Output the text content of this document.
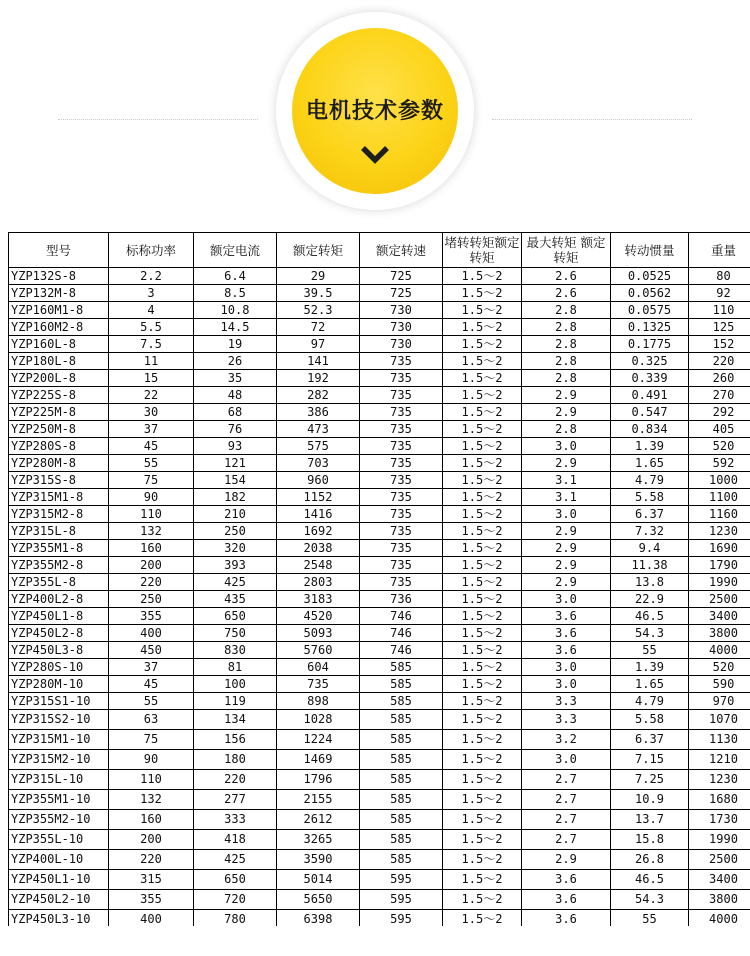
电机技术参数
型号	标称功率	额定电流	额定转矩	额定转速	堵转转矩额定转矩	最大转矩 额定转矩	转动惯量	重量
YZP132S-8	2.2	6.4	29	725	1.5～2	2.6	0.0525	80
YZP132M-8	3	8.5	39.5	725	1.5～2	2.6	0.0562	92
YZP160M1-8	4	10.8	52.3	730	1.5～2	2.8	0.0575	110
YZP160M2-8	5.5	14.5	72	730	1.5～2	2.8	0.1325	125
YZP160L-8	7.5	19	97	730	1.5～2	2.8	0.1775	152
YZP180L-8	11	26	141	735	1.5～2	2.8	0.325	220
YZP200L-8	15	35	192	735	1.5～2	2.8	0.339	260
YZP225S-8	22	48	282	735	1.5～2	2.9	0.491	270
YZP225M-8	30	68	386	735	1.5～2	2.9	0.547	292
YZP250M-8	37	76	473	735	1.5～2	2.8	0.834	405
YZP280S-8	45	93	575	735	1.5～2	3.0	1.39	520
YZP280M-8	55	121	703	735	1.5～2	2.9	1.65	592
YZP315S-8	75	154	960	735	1.5～2	3.1	4.79	1000
YZP315M1-8	90	182	1152	735	1.5～2	3.1	5.58	1100
YZP315M2-8	110	210	1416	735	1.5～2	3.0	6.37	1160
YZP315L-8	132	250	1692	735	1.5～2	2.9	7.32	1230
YZP355M1-8	160	320	2038	735	1.5～2	2.9	9.4	1690
YZP355M2-8	200	393	2548	735	1.5～2	2.9	11.38	1790
YZP355L-8	220	425	2803	735	1.5～2	2.9	13.8	1990
YZP400L2-8	250	435	3183	736	1.5～2	3.0	22.9	2500
YZP450L1-8	355	650	4520	746	1.5～2	3.6	46.5	3400
YZP450L2-8	400	750	5093	746	1.5～2	3.6	54.3	3800
YZP450L3-8	450	830	5760	746	1.5～2	3.6	55	4000
YZP280S-10	37	81	604	585	1.5～2	3.0	1.39	520
YZP280M-10	45	100	735	585	1.5～2	3.0	1.65	590
YZP315S1-10	55	119	898	585	1.5～2	3.3	4.79	970
YZP315S2-10	63	134	1028	585	1.5～2	3.3	5.58	1070
YZP315M1-10	75	156	1224	585	1.5～2	3.2	6.37	1130
YZP315M2-10	90	180	1469	585	1.5～2	3.0	7.15	1210
YZP315L-10	110	220	1796	585	1.5～2	2.7	7.25	1230
YZP355M1-10	132	277	2155	585	1.5～2	2.7	10.9	1680
YZP355M2-10	160	333	2612	585	1.5～2	2.7	13.7	1730
YZP355L-10	200	418	3265	585	1.5～2	2.7	15.8	1990
YZP400L-10	220	425	3590	585	1.5～2	2.9	26.8	2500
YZP450L1-10	315	650	5014	595	1.5～2	3.6	46.5	3400
YZP450L2-10	355	720	5650	595	1.5～2	3.6	54.3	3800
YZP450L3-10	400	780	6398	595	1.5～2	3.6	55	4000
